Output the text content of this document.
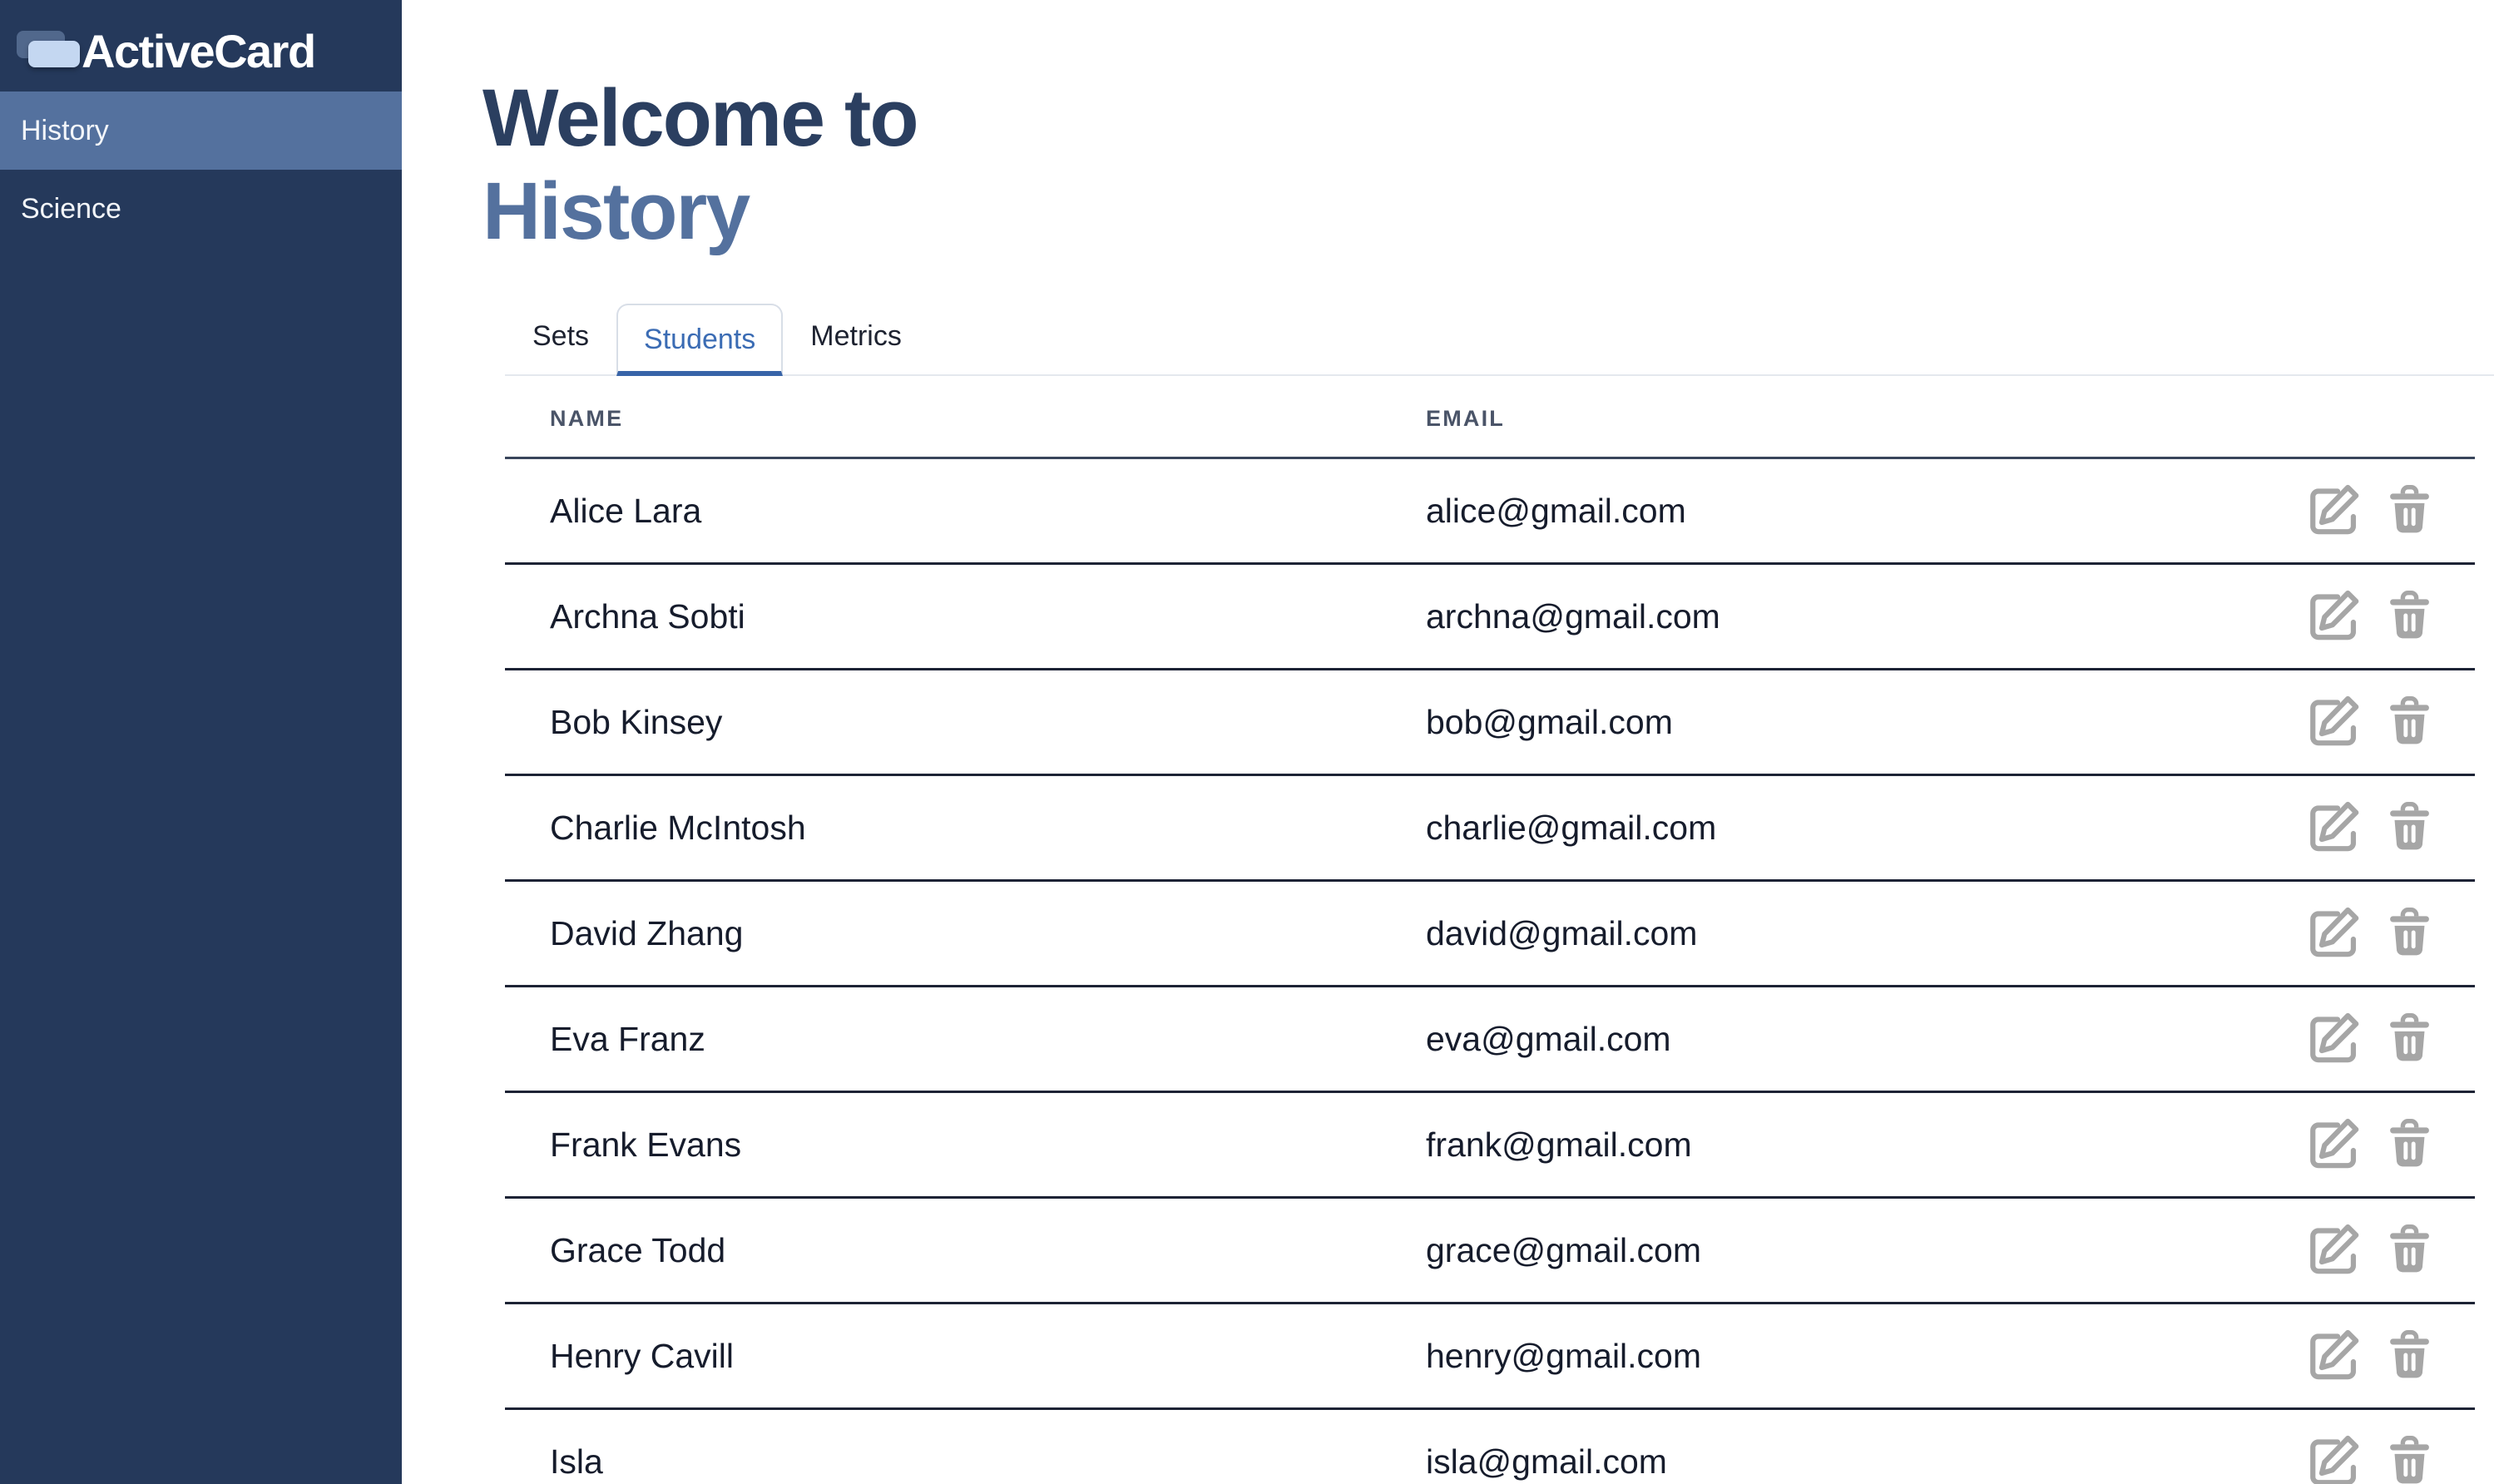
ActiveCard
History
Science
Welcome to
History
Sets	Students	Metrics
NAME	EMAIL
Alice Lara	alice@gmail.com
Archna Sobti	archna@gmail.com
Bob Kinsey	bob@gmail.com
Charlie McIntosh	charlie@gmail.com
David Zhang	david@gmail.com
Eva Franz	eva@gmail.com
Frank Evans	frank@gmail.com
Grace Todd	grace@gmail.com
Henry Cavill	henry@gmail.com
Isla	isla@gmail.com
